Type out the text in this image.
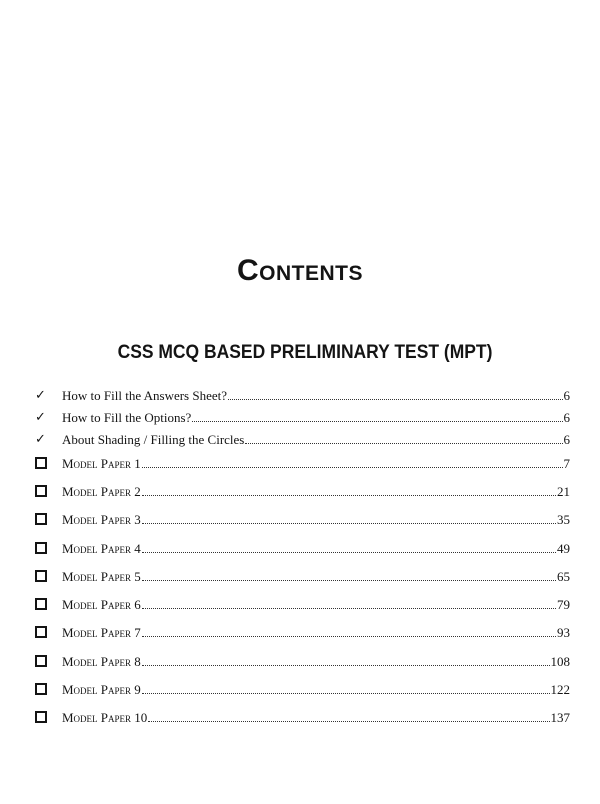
Contents
CSS MCQ BASED PRELIMINARY TEST (MPT)
✓ How to Fill the Answers Sheet?	6
✓ How to Fill the Options?	6
✓ About Shading / Filling the Circles	6
Model Paper 1	7
Model Paper 2	21
Model Paper 3	35
Model Paper 4	49
Model Paper 5	65
Model Paper 6	79
Model Paper 7	93
Model Paper 8	108
Model Paper 9	122
Model Paper 10	137
